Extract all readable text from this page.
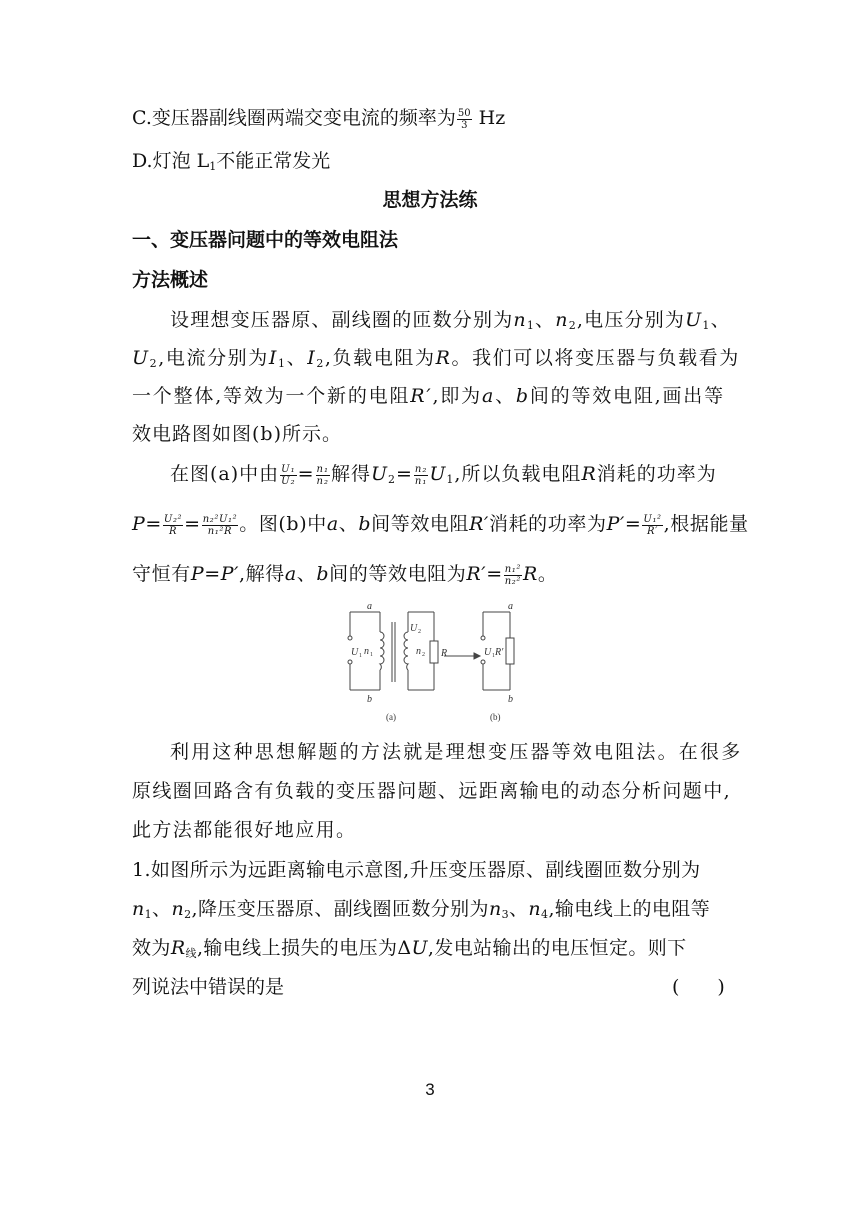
C.变压器副线圈两端交变电流的频率为 $\frac{50}{3}$ Hz
D.灯泡 $L_1$不能正常发光
思想方法练
一、变压器问题中的等效电阻法
方法概述
设理想变压器原、副线圈的匝数分别为$n_1$、$n_2$,电压分别为$U_1$、
$U_2$,电流分别为$I_1$、$I_2$,负载电阻为R。我们可以将变压器与负载看为
一个整体,等效为一个新的电阻R′,即为a、b间的等效电阻,画出等
效电路图如图(b)所示。
在图(a)中由 $\frac{\text{U₁}}{\text{U₂}} = \frac{\text{n₁}}{\text{n₂}}$ 解得$U_2= \frac{\text{n₂}}{\text{n₁}} U_1$,所以负载电阻R消耗的功率为
$P= \frac{\text{U₂²}}{R} = \frac{\text{n₂²U₁²}}{\text{n₁²R}}$ 。图(b)中a、b间等效电阻R′消耗的功率为$P'= \frac{\text{U₁²}}{R'}$ ,根据能量
守恒有P=P′,解得a、b间的等效电阻为$R'= \frac{\text{n₁²}}{\text{n₂²}}$ R。
a
b
U 1 n 1
U 2
n 2 R
a
b
U 1 R′
(a)	(b)
利用这种思想解题的方法就是理想变压器等效电阻法。在很多
原线圈回路含有负载的变压器问题、远距离输电的动态分析问题中,
此方法都能很好地应用。
1.如图所示为远距离输电示意图,升压变压器原、副线圈匝数分别为
$n_1$、$n_2$,降压变压器原、副线圈匝数分别为$n_3$、$n_4$,输电线上的电阻等
效为$R_线$,输电线上损失的电压为ΔU,发电站输出的电压恒定。则下
列说法中错误的是	(　　)
3
